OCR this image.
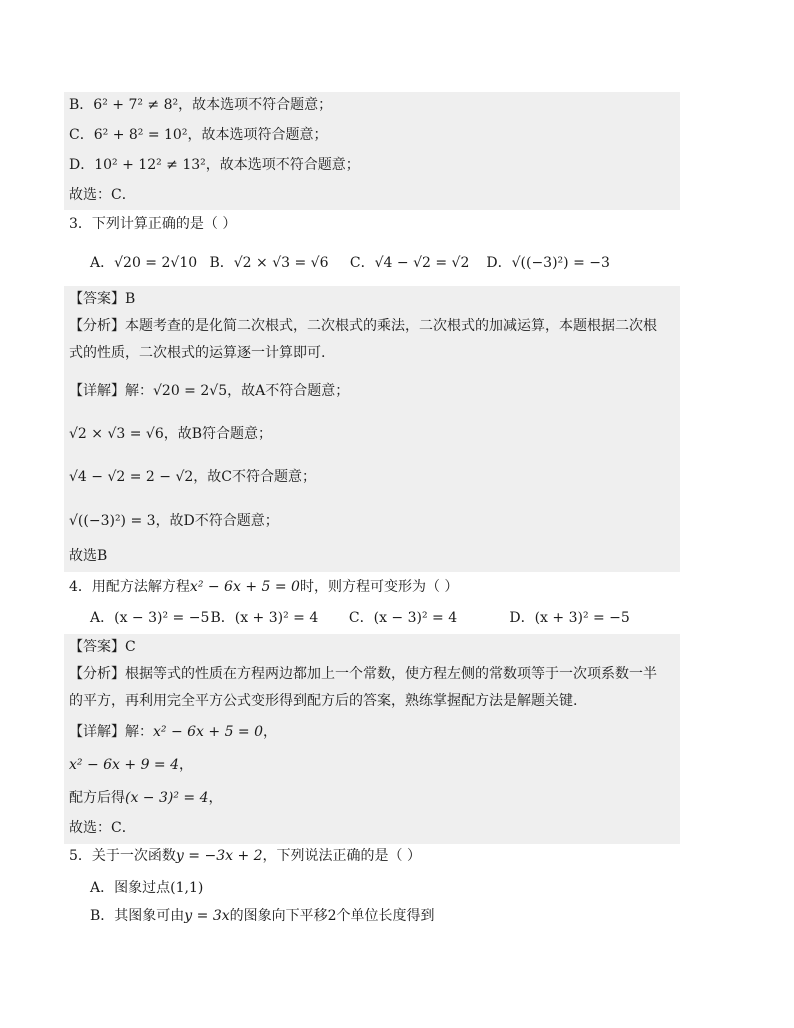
B．6² + 7² ≠ 8²，故本选项不符合题意；
C．6² + 8² = 10²，故本选项符合题意；
D．10² + 12² ≠ 13²，故本选项不符合题意；
故选：C．
3．下列计算正确的是（ ）
A．√20 = 2√10 B．√2 × √3 = √6 C．√4 − √2 = √2 D．√((−3)²) = −3
【答案】B
【分析】本题考查的是化简二次根式，二次根式的乘法，二次根式的加减运算，本题根据二次根
式的性质，二次根式的运算逐一计算即可.
【详解】解：√20 = 2√5，故A不符合题意；
√2 × √3 = √6，故B符合题意；
√4 − √2 = 2 − √2，故C不符合题意；
√((−3)²) = 3，故D不符合题意；
故选B
4．用配方法解方程x² − 6x + 5 = 0时，则方程可变形为（ ）
A．(x − 3)² = −5 B．(x + 3)² = 4 C．(x − 3)² = 4	D．(x + 3)² = −5
【答案】C
【分析】根据等式的性质在方程两边都加上一个常数，使方程左侧的常数项等于一次项系数一半
的平方，再利用完全平方公式变形得到配方后的答案，熟练掌握配方法是解题关键.
【详解】解：x² − 6x + 5 = 0，
x² − 6x + 9 = 4，
配方后得(x − 3)² = 4，
故选：C．
5．关于一次函数y = −3x + 2，下列说法正确的是（ ）
A．图象过点(1,1)
B．其图象可由y = 3x的图象向下平移2个单位长度得到
